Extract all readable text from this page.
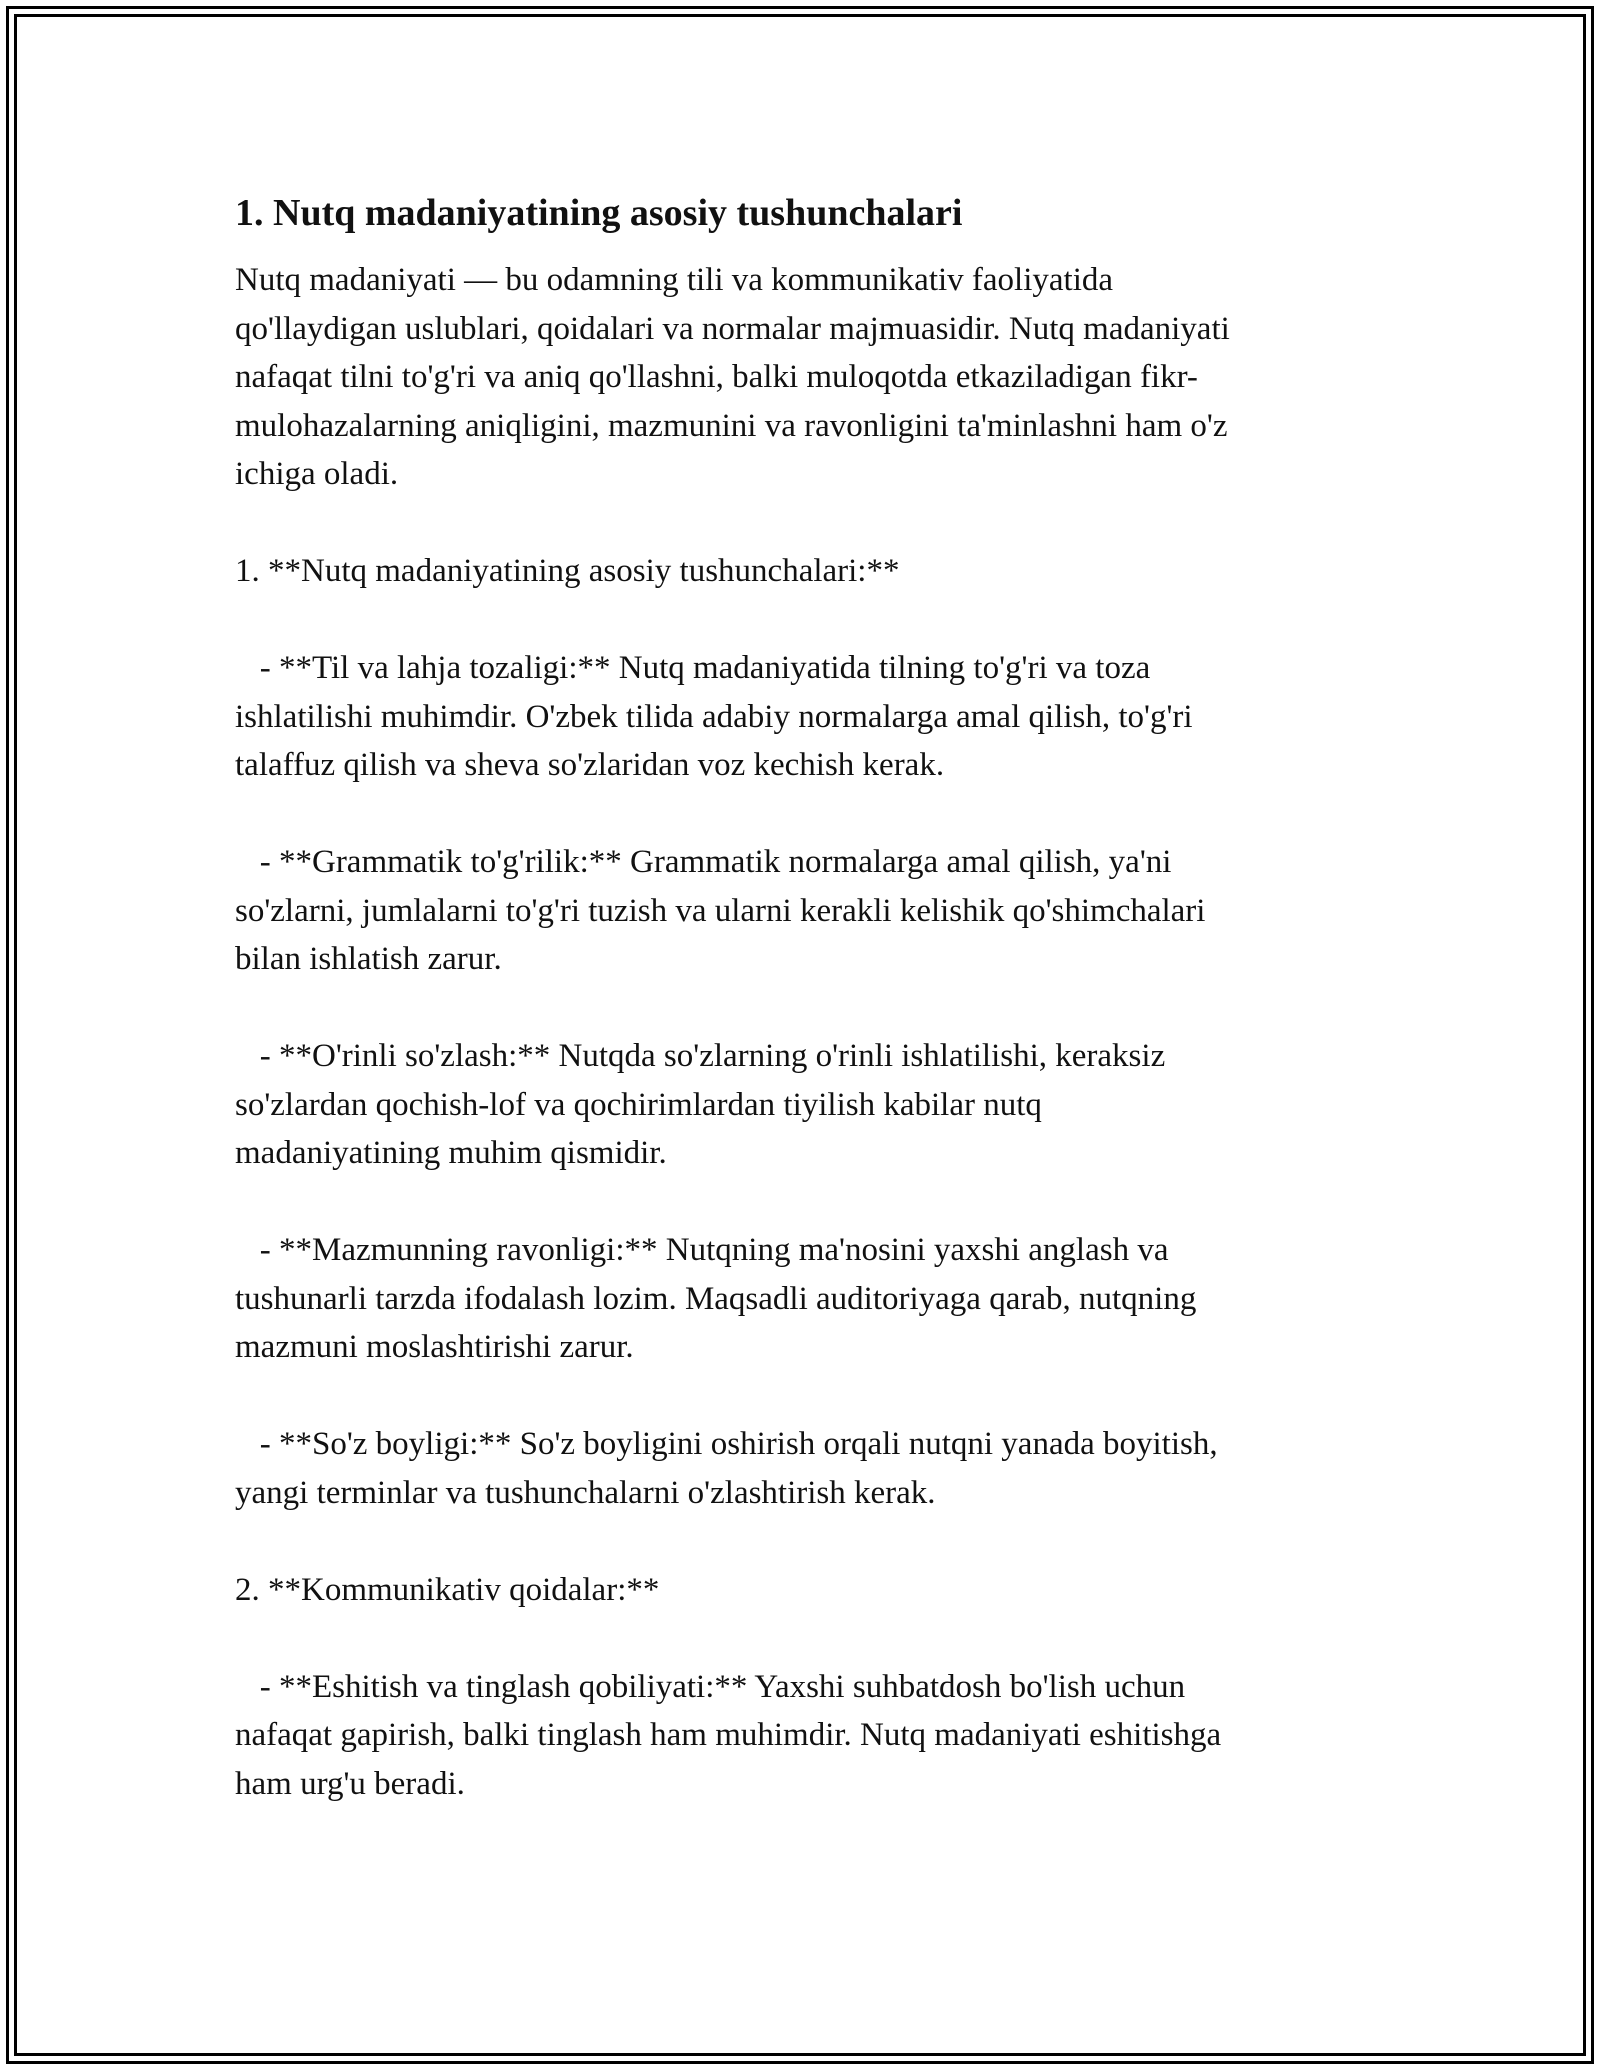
1. Nutq madaniyatining asosiy tushunchalari

Nutq madaniyati — bu odamning tili va kommunikativ faoliyatida
qo'llaydigan uslublari, qoidalari va normalar majmuasidir. Nutq madaniyati
nafaqat tilni to'g'ri va aniq qo'llashni, balki muloqotda etkaziladigan fikr-
mulohazalarning aniqligini, mazmunini va ravonligini ta'minlashni ham o'z
ichiga oladi.

1. **Nutq madaniyatining asosiy tushunchalari:**

- **Til va lahja tozaligi:** Nutq madaniyatida tilning to'g'ri va toza
ishlatilishi muhimdir. O'zbek tilida adabiy normalarga amal qilish, to'g'ri
talaffuz qilish va sheva so'zlaridan voz kechish kerak.

- **Grammatik to'g'rilik:** Grammatik normalarga amal qilish, ya'ni
so'zlarni, jumlalarni to'g'ri tuzish va ularni kerakli kelishik qo'shimchalari
bilan ishlatish zarur.

- **O'rinli so'zlash:** Nutqda so'zlarning o'rinli ishlatilishi, keraksiz
so'zlardan qochish-lof va qochirimlardan tiyilish kabilar nutq
madaniyatining muhim qismidir.

- **Mazmunning ravonligi:** Nutqning ma'nosini yaxshi anglash va
tushunarli tarzda ifodalash lozim. Maqsadli auditoriyaga qarab, nutqning
mazmuni moslashtirishi zarur.

- **So'z boyligi:** So'z boyligini oshirish orqali nutqni yanada boyitish,
yangi terminlar va tushunchalarni o'zlashtirish kerak.

2. **Kommunikativ qoidalar:**

- **Eshitish va tinglash qobiliyati:** Yaxshi suhbatdosh bo'lish uchun
nafaqat gapirish, balki tinglash ham muhimdir. Nutq madaniyati eshitishga
ham urg'u beradi.
